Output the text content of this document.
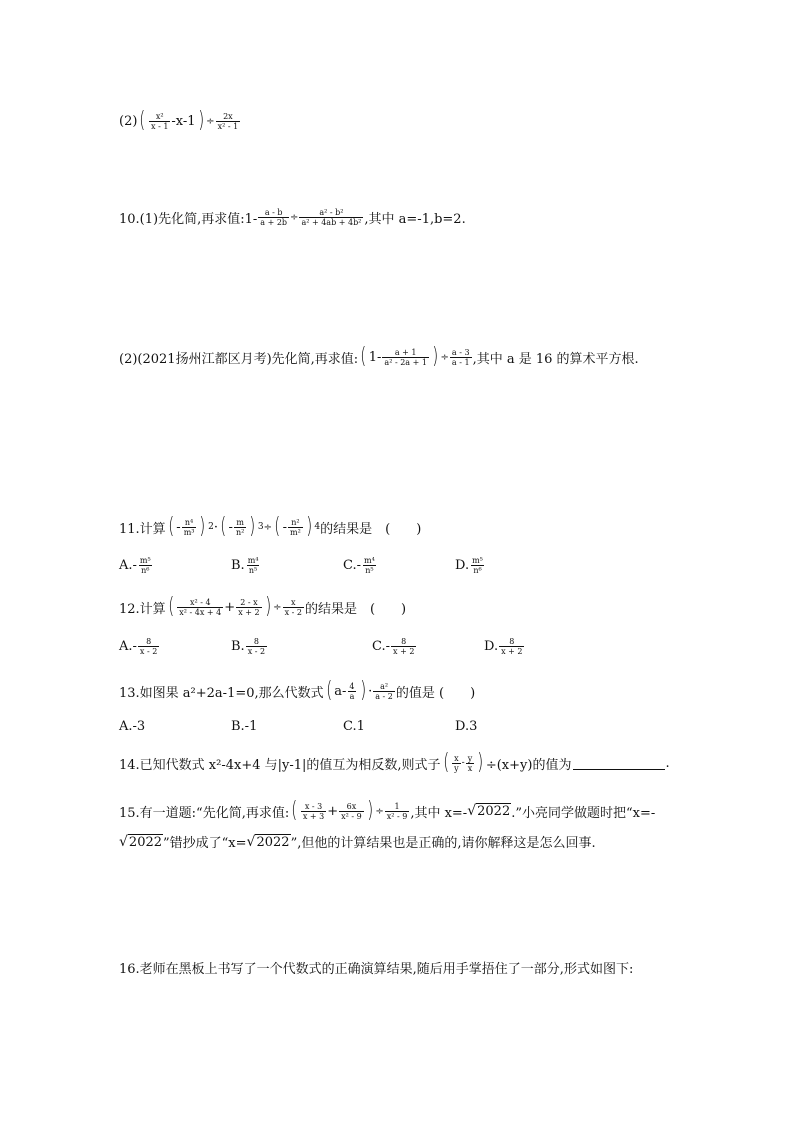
(2) ( $\frac{\text{x²}}{x - 1} -x-1$ ) ÷ $\frac{2x}{\text{x² - 1}}$
10.(1)先化简,再求值:1- $\frac{a - b}{a + 2b} \div \frac{\text{a² - b²}}{\text{a² + 4ab + 4b²}}$ ,其中 a=-1,b=2.
(2)(2021扬州江都区月考)先化简,再求值: ( $1- \frac{a + 1}{\text{a² - 2a + 1}}$ ) ÷ $\frac{a - 3}{a - 1}$ ,其中 a 是 16 的算术平方根.
11.计算 ( - $\frac{\text{n⁴}}{\text{m³}}$ ) 2 · ( - $\frac{m}{\text{n²}}$ ) 3 ÷ ( - $\frac{\text{n²}}{\text{m²}}$ ) 4 的结果是　(　　)
$A.- \frac{\text{m⁵}}{\text{n⁶}}$	B. $\frac{\text{m⁴}}{\text{n⁵}}$	$C.- \frac{\text{m⁴}}{\text{n⁵}}$	D. $\frac{\text{m⁵}}{\text{n⁶}}$
12.计算 ( $\frac{\text{x² - 4}}{\text{x² - 4x + 4}} + \frac{2 - x}{x + 2}$ ) ÷ $\frac{x}{x - 2}$ 的结果是　(　　)
$A.- \frac{8}{x - 2}$	B. $\frac{8}{x - 2}$	$C.- \frac{8}{x + 2}$	D. $\frac{8}{x + 2}$
13.如图果 a²+2a-1=0,那么代数式 ( $a- \frac{4}{a}$ ) · $\frac{\text{a²}}{a - 2}$ 的值是 (　　)
A.-3	B.-1	C.1	D.3
14.已知代数式 x²-4x+4 与|y-1|的值互为相反数,则式子 ( $\frac{x}{y} - \frac{y}{x}$ ) ÷(x+y)的值为	.
15.有一道题:“先化简,再求值: ( $\frac{x - 3}{x + 3} + \frac{6x}{\text{x² - 9}}$ ) ÷ $\frac{1}{\text{x² - 9}}$ ,其中 x=- √ 2022 .”小亮同学做题时把“x=-
√ 2022 ”错抄成了“x= √ 2022 ”,但他的计算结果也是正确的,请你解释这是怎么回事.
16.老师在黑板上书写了一个代数式的正确演算结果,随后用手掌捂住了一部分,形式如图下:
